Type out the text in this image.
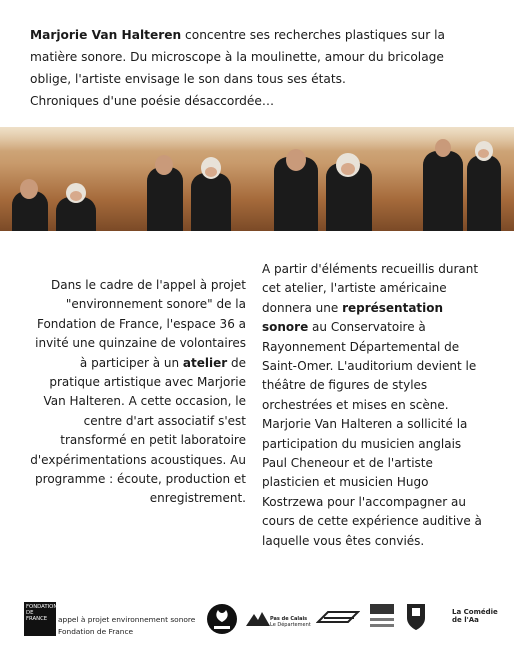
Marjorie Van Halteren concentre ses recherches plastiques sur la matière sonore. Du microscope à la moulinette, amour du bricolage oblige, l'artiste envisage le son dans tous ses états.
Chroniques d'une poésie désaccordée…

Dans le cadre de l'appel à projet "environnement sonore" de la Fondation de France, l'espace 36 a invité une quinzaine de volontaires à participer à un atelier de pratique artistique avec Marjorie Van Halteren. A cette occasion, le centre d'art associatif s'est transformé en petit laboratoire d'expérimentations acoustiques. Au programme : écoute, production et enregistrement.

A partir d'éléments recueillis durant cet atelier, l'artiste américaine donnera une représentation sonore au Conservatoire à Rayonnement Départemental de Saint-Omer. L'auditorium devient le théâtre de figures de styles orchestrées et mises en scène.

Marjorie Van Halteren a sollicité la participation du musicien anglais Paul Cheneour et de l'artiste plasticien et musicien Hugo Kostrzewa pour l'accompagner au cours de cette expérience auditive à laquelle vous êtes conviés.

FONDATION DE FRANCE	appel à projet environnement sonore
Fondation de France
Pas de Calais
Le Département
La Comédie de l'Aa
